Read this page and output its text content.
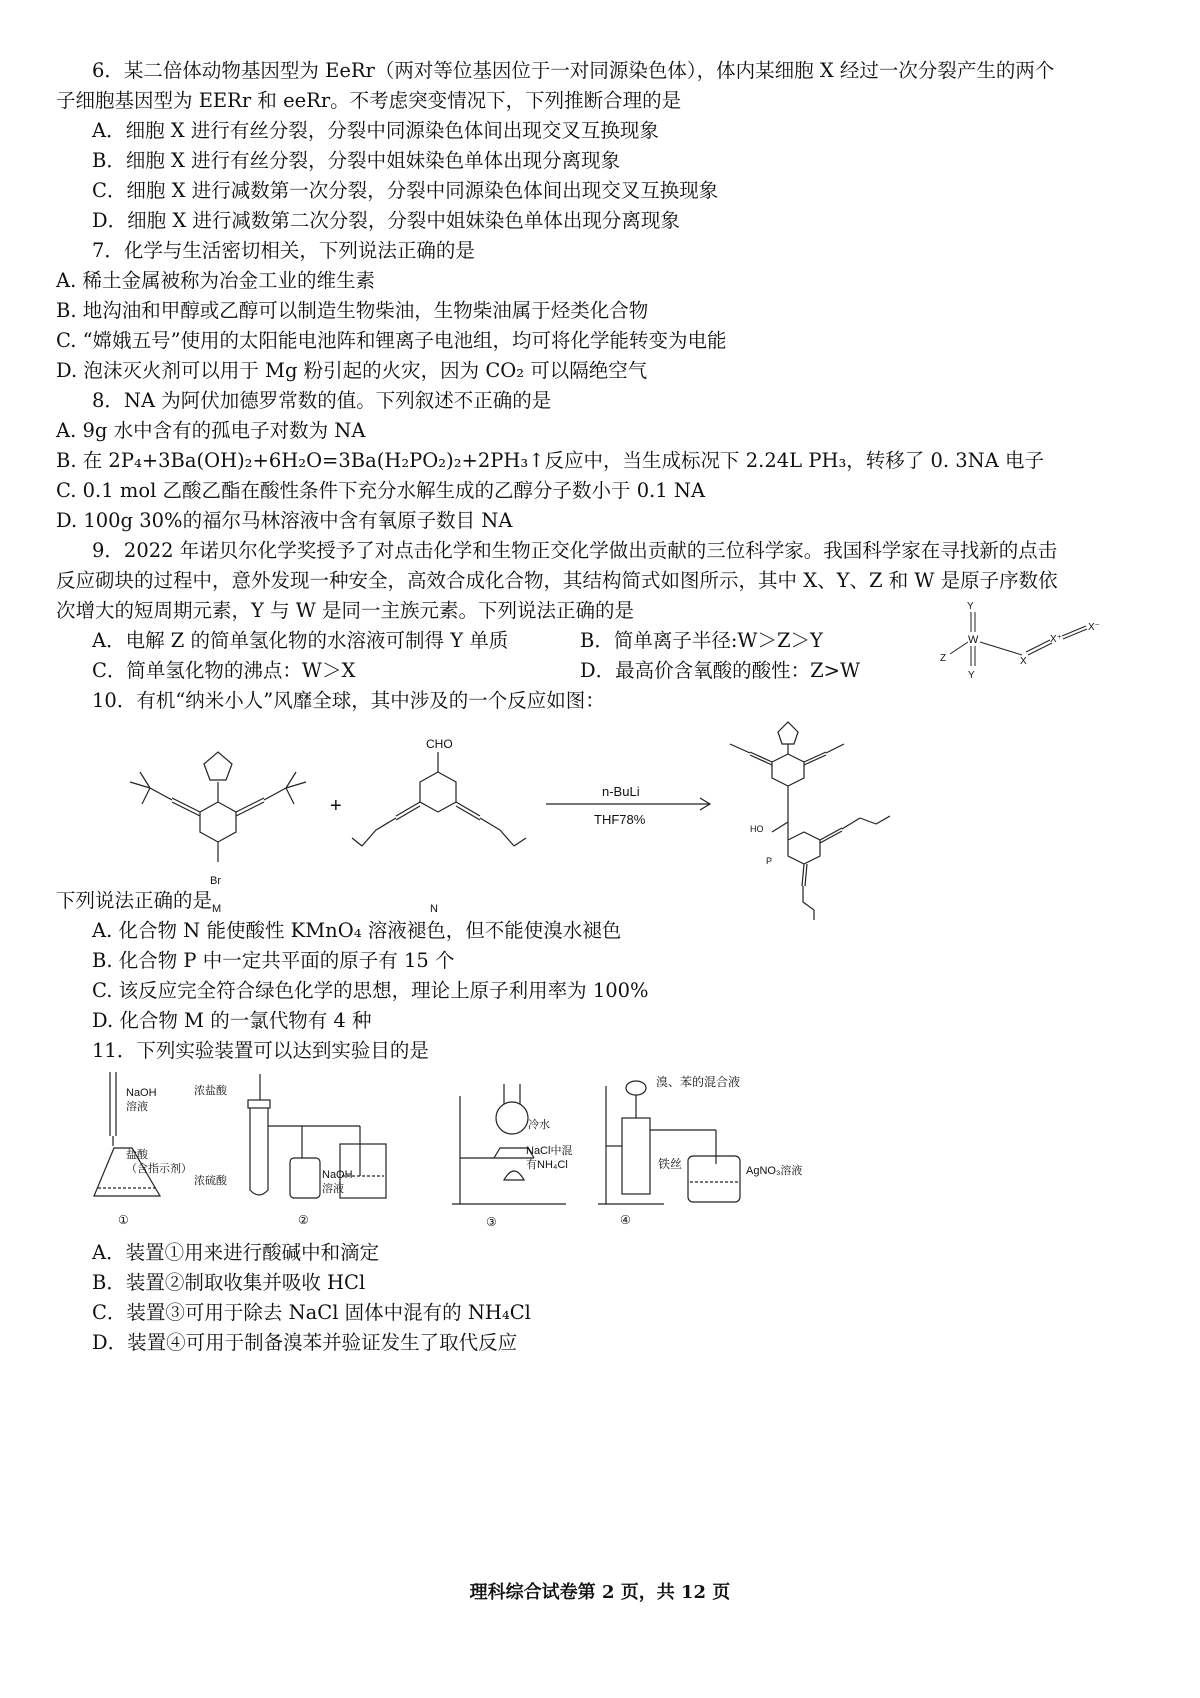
6．某二倍体动物基因型为 EeRr（两对等位基因位于一对同源染色体），体内某细胞 X 经过一次分裂产生的两个
子细胞基因型为 EERr 和 eeRr。不考虑突变情况下，下列推断合理的是
A．细胞 X 进行有丝分裂，分裂中同源染色体间出现交叉互换现象
B．细胞 X 进行有丝分裂，分裂中姐妹染色单体出现分离现象
C．细胞 X 进行减数第一次分裂，分裂中同源染色体间出现交叉互换现象
D．细胞 X 进行减数第二次分裂，分裂中姐妹染色单体出现分离现象
7．化学与生活密切相关，下列说法正确的是
A. 稀土金属被称为冶金工业的维生素
B. 地沟油和甲醇或乙醇可以制造生物柴油，生物柴油属于烃类化合物
C. “嫦娥五号”使用的太阳能电池阵和锂离子电池组，均可将化学能转变为电能
D. 泡沫灭火剂可以用于 Mg 粉引起的火灾，因为 CO₂ 可以隔绝空气
8．NA 为阿伏加德罗常数的值。下列叙述不正确的是
A. 9g 水中含有的孤电子对数为 NA
B. 在 2P₄+3Ba(OH)₂+6H₂O=3Ba(H₂PO₂)₂+2PH₃↑反应中，当生成标况下 2.24L PH₃，转移了 0. 3NA 电子
C. 0.1 mol 乙酸乙酯在酸性条件下充分水解生成的乙醇分子数小于 0.1 NA
D. 100g 30%的福尔马林溶液中含有氧原子数目 NA
9．2022 年诺贝尔化学奖授予了对点击化学和生物正交化学做出贡献的三位科学家。我国科学家在寻找新的点击
反应砌块的过程中，意外发现一种安全，高效合成化合物，其结构简式如图所示，其中 X、Y、Z 和 W 是原子序数依
次增大的短周期元素，Y 与 W 是同一主族元素。下列说法正确的是
A．电解 Z 的简单氢化物的水溶液可制得 Y 单质	B．简单离子半径:W＞Z＞Y
C．简单氢化物的沸点：W＞X	D．最高价含氧酸的酸性：Z>W
Y
W
Y
Z	X
X⁺
X⁻
10．有机“纳米小人”风靡全球，其中涉及的一个反应如图：
Br
M
+
CHO
N
n-BuLi
THF78%
HO
P
下列说法正确的是
A. 化合物 N 能使酸性 KMnO₄ 溶液褪色，但不能使溴水褪色
B. 化合物 P 中一定共平面的原子有 15 个
C. 该反应完全符合绿色化学的思想，理论上原子利用率为 100%
D. 化合物 M 的一氯代物有 4 种
11．下列实验装置可以达到实验目的是
NaOH
溶液
盐酸
（含指示剂）
①
浓盐酸
浓硫酸	NaOH
溶液
②
冷水
NaCl中混
有NH₄Cl
③
溴、苯的混合液
铁丝	AgNO₃溶液
④
A．装置①用来进行酸碱中和滴定
B．装置②制取收集并吸收 HCl
C．装置③可用于除去 NaCl 固体中混有的 NH₄Cl
D．装置④可用于制备溴苯并验证发生了取代反应
理科综合试卷第 2 页，共 12 页
